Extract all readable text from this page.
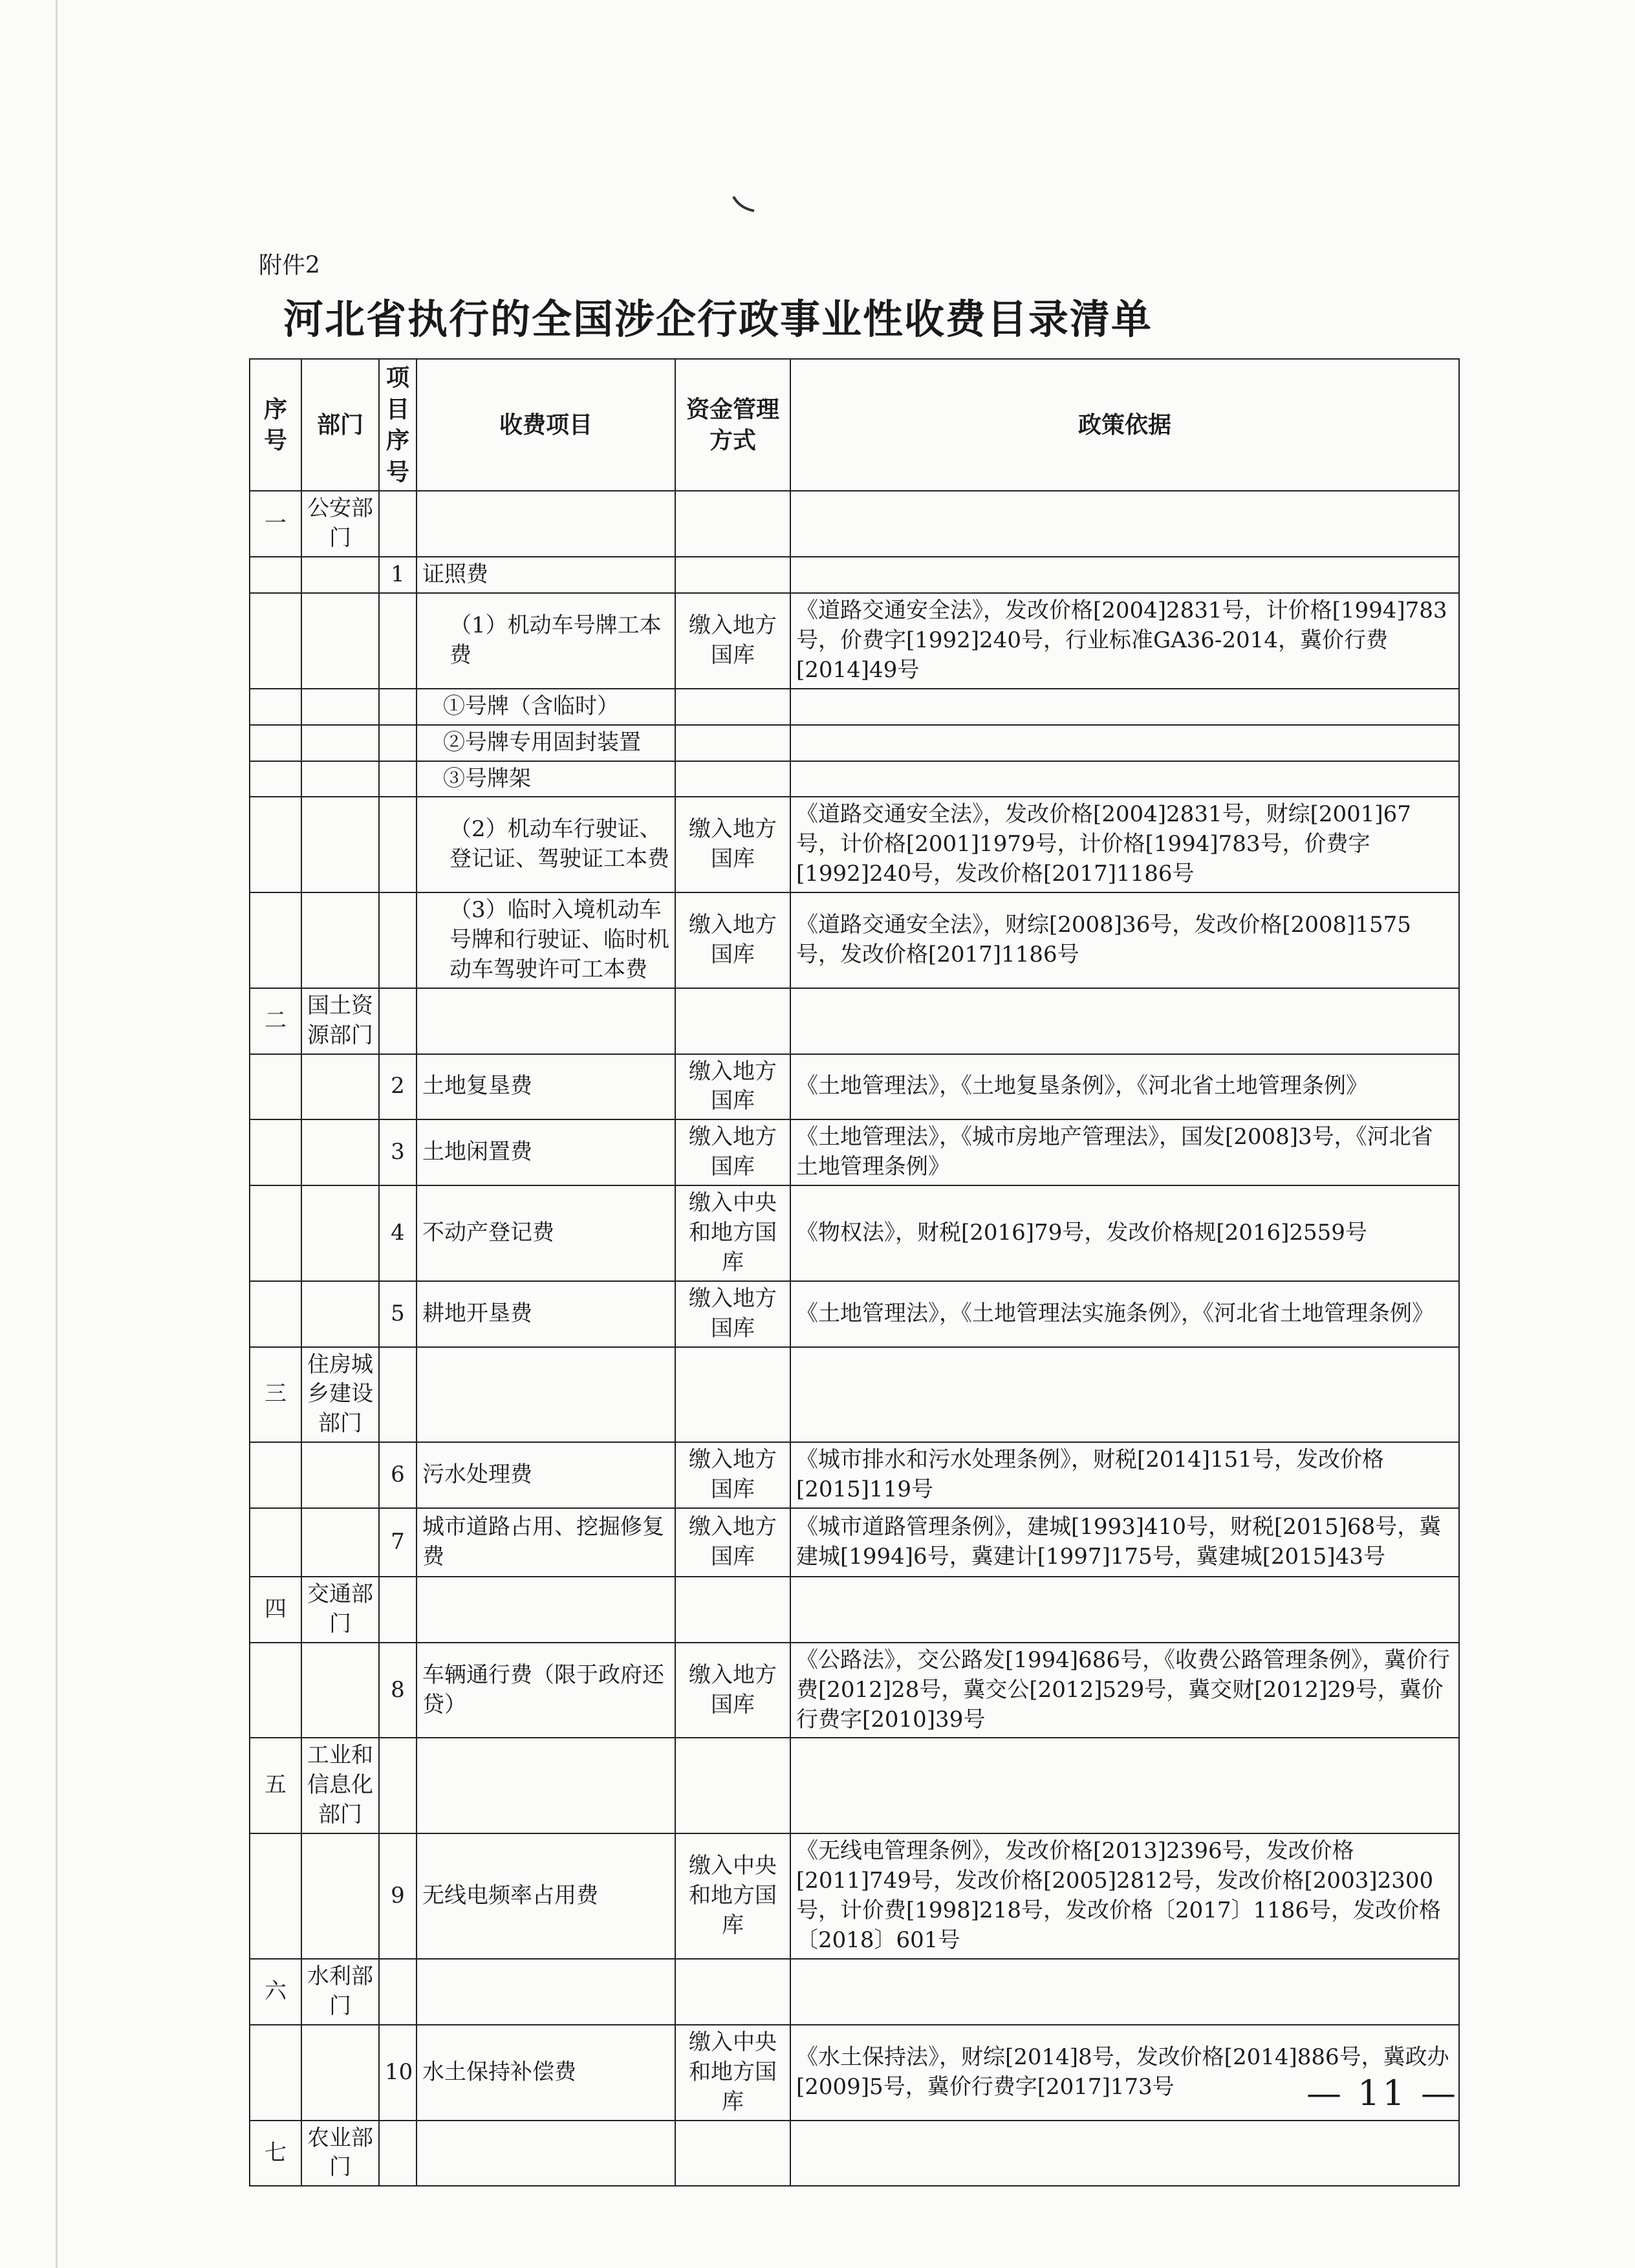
附件2
河北省执行的全国涉企行政事业性收费目录清单
序号	部门	项目序号	收费项目	资金管理方式	政策依据
一	公安部门				
		1	证照费		
			（1）机动车号牌工本费	缴入地方国库	《道路交通安全法》，发改价格[2004]2831号，计价格[1994]783号，价费字[1992]240号，行业标准GA36-2014，冀价行费[2014]49号
			①号牌（含临时）		
			②号牌专用固封装置		
			③号牌架		
			（2）机动车行驶证、登记证、驾驶证工本费	缴入地方国库	《道路交通安全法》，发改价格[2004]2831号，财综[2001]67号，计价格[2001]1979号，计价格[1994]783号，价费字[1992]240号，发改价格[2017]1186号
			（3）临时入境机动车号牌和行驶证、临时机动车驾驶许可工本费	缴入地方国库	《道路交通安全法》，财综[2008]36号，发改价格[2008]1575号，发改价格[2017]1186号
二	国土资源部门				
		2	土地复垦费	缴入地方国库	《土地管理法》，《土地复垦条例》，《河北省土地管理条例》
		3	土地闲置费	缴入地方国库	《土地管理法》，《城市房地产管理法》，国发[2008]3号，《河北省土地管理条例》
		4	不动产登记费	缴入中央和地方国库	《物权法》，财税[2016]79号，发改价格规[2016]2559号
		5	耕地开垦费	缴入地方国库	《土地管理法》，《土地管理法实施条例》，《河北省土地管理条例》
三	住房城乡建设部门				
		6	污水处理费	缴入地方国库	《城市排水和污水处理条例》，财税[2014]151号，发改价格[2015]119号
		7	城市道路占用、挖掘修复费	缴入地方国库	《城市道路管理条例》，建城[1993]410号，财税[2015]68号，冀建城[1994]6号，冀建计[1997]175号，冀建城[2015]43号
四	交通部门				
		8	车辆通行费（限于政府还贷）	缴入地方国库	《公路法》，交公路发[1994]686号，《收费公路管理条例》，冀价行费[2012]28号，冀交公[2012]529号，冀交财[2012]29号，冀价行费字[2010]39号
五	工业和信息化部门				
		9	无线电频率占用费	缴入中央和地方国库	《无线电管理条例》，发改价格[2013]2396号，发改价格[2011]749号，发改价格[2005]2812号，发改价格[2003]2300号，计价费[1998]218号，发改价格〔2017〕1186号，发改价格〔2018〕601号
六	水利部门				
		10	水土保持补偿费	缴入中央和地方国库	《水土保持法》，财综[2014]8号，发改价格[2014]886号，冀政办[2009]5号，冀价行费字[2017]173号
七	农业部门				
— 11 —
